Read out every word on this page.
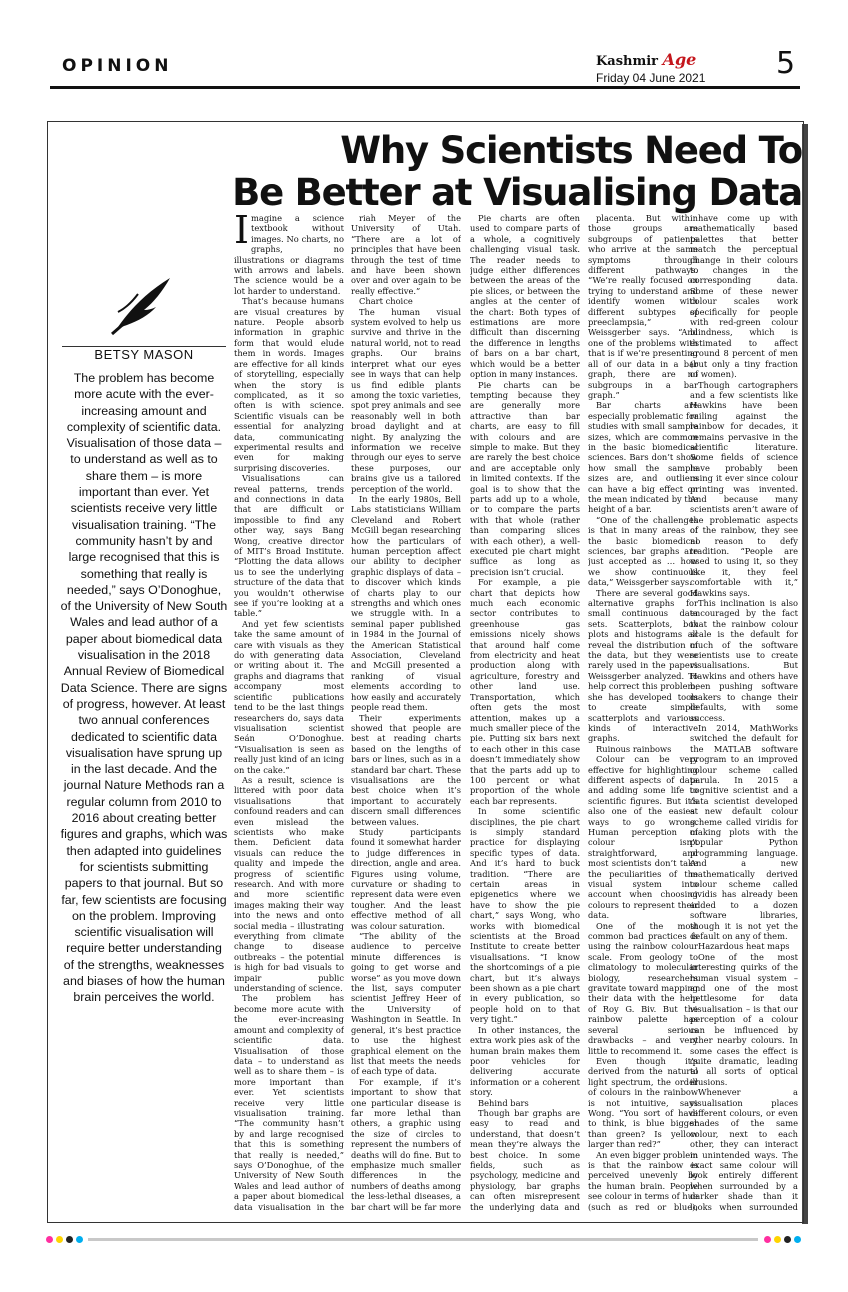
OPINION	Kashmir Age
Friday 04 June 2021	5
Why Scientists Need To
Be Better at Visualising Data
BETSY MASON
The problem has become more acute with the ever-increasing amount and complexity of scientific data. Visualisation of those data – to understand as well as to share them – is more important than ever. Yet scientists receive very little visualisation training. “The community hasn’t by and large recognised that this is something that really is needed,” says O’Donoghue, of the University of New South Wales and lead author of a paper about biomedical data visualisation in the 2018 Annual Review of Biomedical Data Science. There are signs of progress, however. At least two annual conferences dedicated to scientific data visualisation have sprung up in the last decade. And the journal Nature Methods ran a regular column from 2010 to 2016 about creating better figures and graphs, which was then adapted into guidelines for scientists submitting papers to that journal. But so far, few scientists are focusing on the problem. Improving scientific visualisation will require better understanding of the strengths, weaknesses and biases of how the human brain perceives the world.

Imagine a science textbook without images. No charts, no graphs, no illustrations or diagrams with arrows and labels. The science would be a lot harder to understand.

That’s because humans are visual creatures by nature. People absorb information in graphic form that would elude them in words. Images are effective for all kinds of storytelling, especially when the story is complicated, as it so often is with science. Scientific visuals can be essential for analyzing data, communicating experimental results and even for making surprising discoveries.

Visualisations can reveal patterns, trends and connections in data that are difficult or impossible to find any other way, says Bang Wong, creative director of MIT’s Broad Institute. “Plotting the data allows us to see the underlying structure of the data that you wouldn’t otherwise see if you’re looking at a table.”

And yet few scientists take the same amount of care with visuals as they do with generating data or writing about it. The graphs and diagrams that accompany most scientific publications tend to be the last things researchers do, says data visualisation scientist Seán O’Donoghue. “Visualisation is seen as really just kind of an icing on the cake.”

As a result, science is littered with poor data visualisations that confound readers and can even mislead the scientists who make them. Deficient data visuals can reduce the quality and impede the progress of scientific research. And with more and more scientific images making their way into the news and onto social media – illustrating everything from climate change to disease outbreaks – the potential is high for bad visuals to impair public understanding of science.

The problem has become more acute with the ever-increasing amount and complexity of scientific data. Visualisation of those data – to understand as well as to share them – is more important than ever. Yet scientists receive very little visualisation training. “The community hasn’t by and large recognised that this is something that really is needed,” says O’Donoghue, of the University of New South Wales and lead author of a paper about biomedical data visualisation in the

riah Meyer of the University of Utah. “There are a lot of principles that have been through the test of time and have been shown over and over again to be really effective.”

Chart choice

The human visual system evolved to help us survive and thrive in the natural world, not to read graphs. Our brains interpret what our eyes see in ways that can help us find edible plants among the toxic varieties, spot prey animals and see reasonably well in both broad daylight and at night. By analyzing the information we receive through our eyes to serve these purposes, our brains give us a tailored perception of the world.

In the early 1980s, Bell Labs statisticians William Cleveland and Robert McGill began researching how the particulars of human perception affect our ability to decipher graphic displays of data – to discover which kinds of charts play to our strengths and which ones we struggle with. In a seminal paper published in 1984 in the Journal of the American Statistical Association, Cleveland and McGill presented a ranking of visual elements according to how easily and accurately people read them.

Their experiments showed that people are best at reading charts based on the lengths of bars or lines, such as in a standard bar chart. These visualisations are the best choice when it’s important to accurately discern small differences between values.

Study participants found it somewhat harder to judge differences in direction, angle and area. Figures using volume, curvature or shading to represent data were even tougher. And the least effective method of all was colour saturation.

“The ability of the audience to perceive minute differences is going to get worse and worse” as you move down the list, says computer scientist Jeffrey Heer of the University of Washington in Seattle. In general, it’s best practice to use the highest graphical element on the list that meets the needs of each type of data.

For example, if it’s important to show that one particular disease is far more lethal than others, a graphic using the size of circles to represent the numbers of deaths will do fine. But to emphasize much smaller differences in the numbers of deaths among the less-lethal diseases, a bar chart will be far more

Pie charts are often used to compare parts of a whole, a cognitively challenging visual task. The reader needs to judge either differences between the areas of the pie slices, or between the angles at the center of the chart: Both types of estimations are more difficult than discerning the difference in lengths of bars on a bar chart, which would be a better option in many instances.

Pie charts can be tempting because they are generally more attractive than bar charts, are easy to fill with colours and are simple to make. But they are rarely the best choice and are acceptable only in limited contexts. If the goal is to show that the parts add up to a whole, or to compare the parts with that whole (rather than comparing slices with each other), a well-executed pie chart might suffice as long as precision isn’t crucial.

For example, a pie chart that depicts how much each economic sector contributes to greenhouse gas emissions nicely shows that around half come from electricity and heat production along with agriculture, forestry and other land use. Transportation, which often gets the most attention, makes up a much smaller piece of the pie. Putting six bars next to each other in this case doesn’t immediately show that the parts add up to 100 percent or what proportion of the whole each bar represents.

In some scientific disciplines, the pie chart is simply standard practice for displaying specific types of data. And it’s hard to buck tradition. “There are certain areas in epigenetics where we have to show the pie chart,” says Wong, who works with biomedical scientists at the Broad Institute to create better visualisations. “I know the shortcomings of a pie chart, but it’s always been shown as a pie chart in every publication, so people hold on to that very tight.”

In other instances, the extra work pies ask of the human brain makes them poor vehicles for delivering accurate information or a coherent story.

Behind bars

Though bar graphs are easy to read and understand, that doesn’t mean they’re always the best choice. In some fields, such as psychology, medicine and physiology, bar graphs can often misrepresent the underlying data and

placenta. But within those groups are subgroups of patients who arrive at the same symptoms through different pathways. “We’re really focused on trying to understand and identify women with different subtypes of preeclampsia,” Weissgerber says. “And one of the problems with that is if we’re presenting all of our data in a bar graph, there are no subgroups in a bar graph.”

Bar charts are especially problematic for studies with small sample sizes, which are common in the basic biomedical sciences. Bars don’t show how small the sample sizes are, and outliers can have a big effect on the mean indicated by the height of a bar.

“One of the challenges is that in many areas of the basic biomedical sciences, bar graphs are just accepted as … how we show continuous data,” Weissgerber says.

There are several good alternative graphs for small continuous data sets. Scatterplots, box plots and histograms all reveal the distribution of the data, but they were rarely used in the papers Weissgerber analyzed. To help correct this problem, she has developed tools to create simple scatterplots and various kinds of interactive graphs.

Ruinous rainbows

Colour can be very effective for highlighting different aspects of data and adding some life to scientific figures. But it’s also one of the easiest ways to go wrong. Human perception of colour isn’t straightforward, and most scientists don’t take the peculiarities of the visual system into account when choosing colours to represent their data.

One of the most common bad practices is using the rainbow colour scale. From geology to climatology to molecular biology, researchers gravitate toward mapping their data with the help of Roy G. Biv. But the rainbow palette has several serious drawbacks – and very little to recommend it.

Even though it’s derived from the natural light spectrum, the order of colours in the rainbow is not intuitive, says Wong. “You sort of have to think, is blue bigger than green? Is yellow larger than red?”

An even bigger problem is that the rainbow is perceived unevenly by the human brain. People see colour in terms of hue (such as red or blue),

have come up with mathematically based palettes that better match the perceptual change in their colours to changes in the corresponding data. Some of these newer colour scales work specifically for people with red-green colour blindness, which is estimated to affect around 8 percent of men (but only a tiny fraction of women).

Though cartographers and a few scientists like Hawkins have been railing against the rainbow for decades, it remains pervasive in the scientific literature. Some fields of science have probably been using it ever since colour printing was invented. And because many scientists aren’t aware of the problematic aspects of the rainbow, they see no reason to defy tradition. “People are used to using it, so they like it, they feel comfortable with it,” Hawkins says.

This inclination is also encouraged by the fact that the rainbow colour scale is the default for much of the software scientists use to create visualisations. But Hawkins and others have been pushing software makers to change their defaults, with some success.

In 2014, MathWorks switched the default for the MATLAB software program to an improved colour scheme called parula. In 2015 a cognitive scientist and a data scientist developed a new default colour scheme called viridis for making plots with the popular Python programming language. And a new mathematically derived colour scheme called cividis has already been added to a dozen software libraries, though it is not yet the default on any of them.

Hazardous heat maps

One of the most interesting quirks of the human visual system – and one of the most nettlesome for data visualisation – is that our perception of a colour can be influenced by other nearby colours. In some cases the effect is quite dramatic, leading to all sorts of optical illusions.

Whenever a visualisation places different colours, or even shades of the same colour, next to each other, they can interact in unintended ways. The exact same colour will look entirely different when surrounded by a darker shade than it looks when surrounded
